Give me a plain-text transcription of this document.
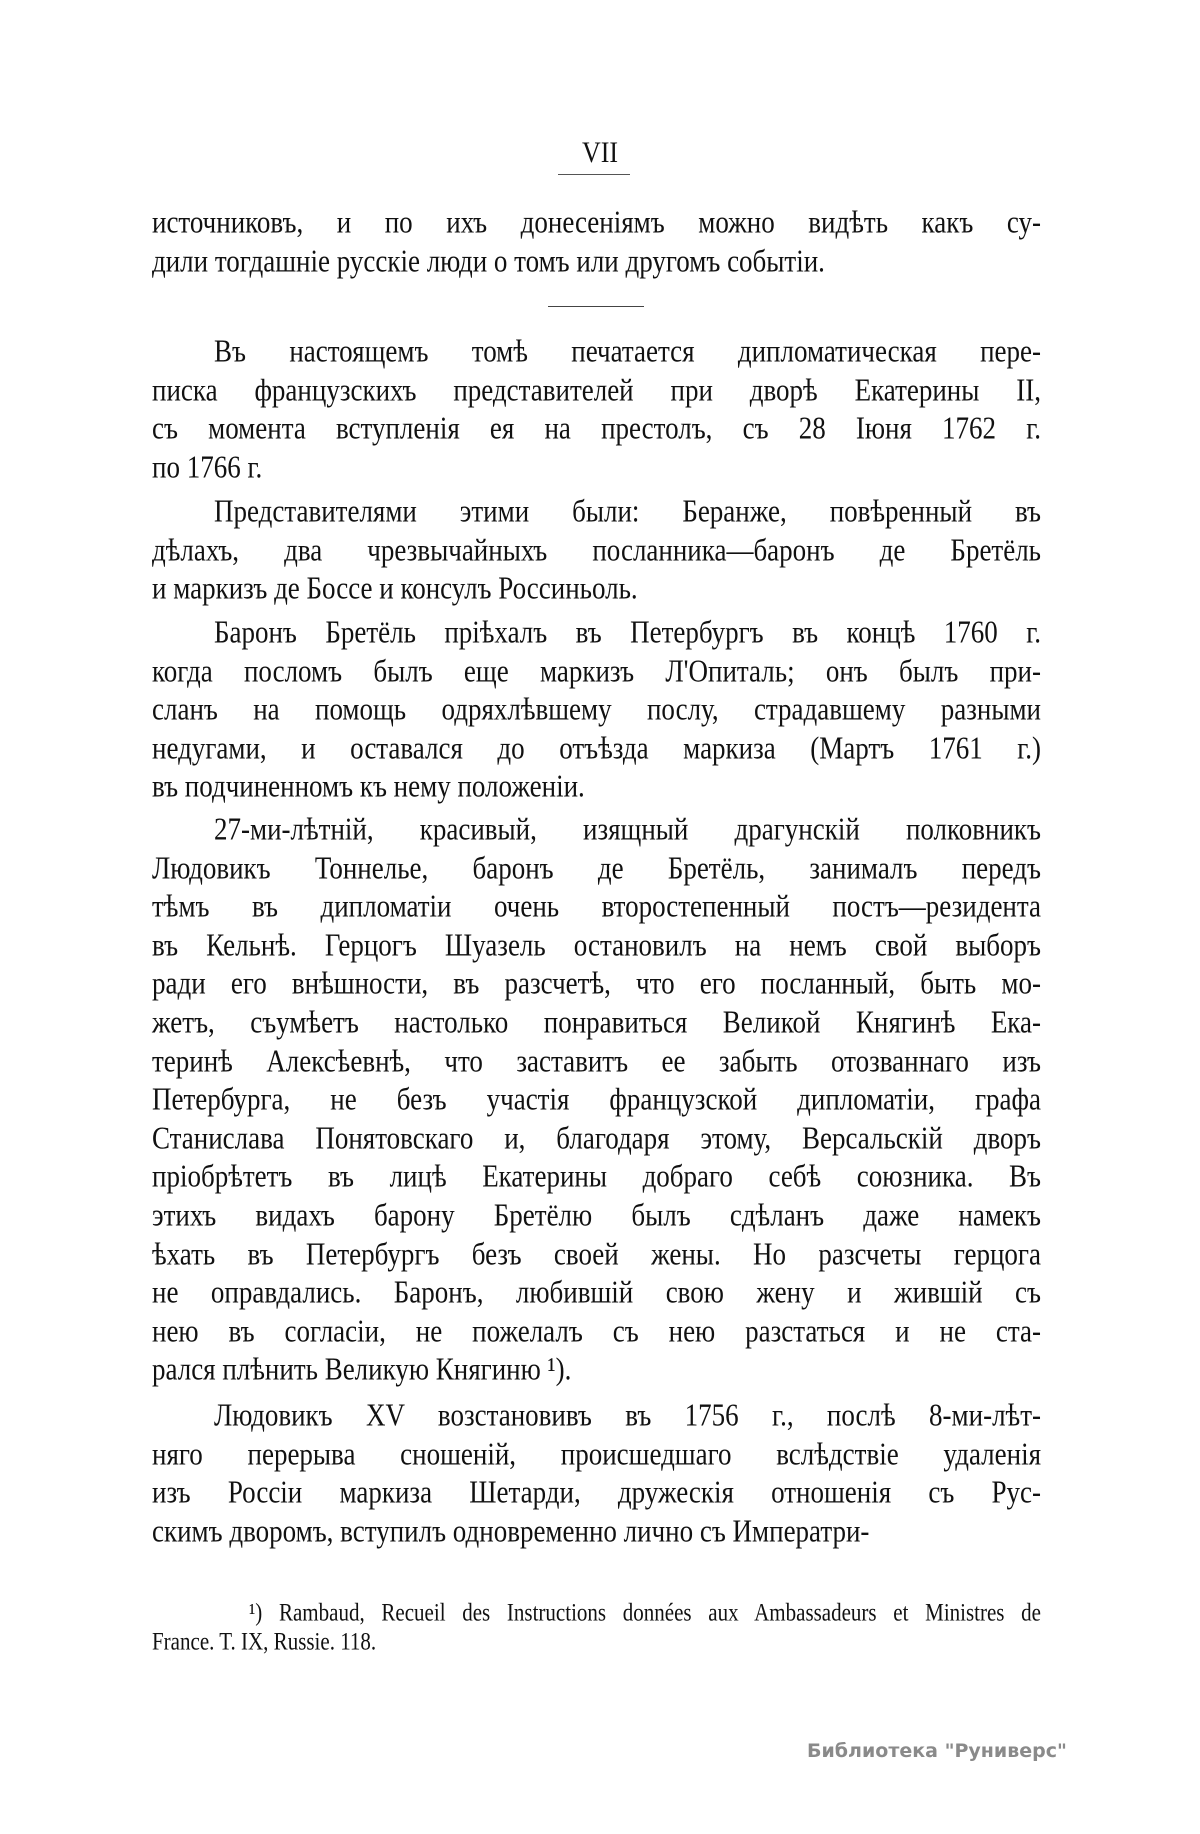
VII
источниковъ, и по ихъ донесеніямъ можно видѣть какъ су-
дили тогдашніе русскіе люди о томъ или другомъ событіи.
Въ настоящемъ томѣ печатается дипломатическая пере-
писка французскихъ представителей при дворѣ Екатерины II,
съ момента вступленія ея на престолъ, съ 28 Іюня 1762 г.
по 1766 г.
Представителями этими были: Беранже, повѣренный въ
дѣлахъ, два чрезвычайныхъ посланника—баронъ де Бретёль
и маркизъ де Боссе и консулъ Россиньоль.
Баронъ Бретёль пріѣхалъ въ Петербургъ въ концѣ 1760 г.
когда посломъ былъ еще маркизъ Л'Опиталь; онъ былъ при-
сланъ на помощь одряхлѣвшему послу, страдавшему разными
недугами, и оставался до отъѣзда маркиза (Мартъ 1761 г.)
въ подчиненномъ къ нему положеніи.
27-ми-лѣтній, красивый, изящный драгунскій полковникъ
Людовикъ Тоннелье, баронъ де Бретёль, занималъ передъ
тѣмъ въ дипломатіи очень второстепенный постъ—резидента
въ Кельнѣ. Герцогъ Шуазель остановилъ на немъ свой выборъ
ради его внѣшности, въ разсчетѣ, что его посланный, быть мо-
жетъ, съумѣетъ настолько понравиться Великой Княгинѣ Ека-
теринѣ Алексѣевнѣ, что заставитъ ее забыть отозваннаго изъ
Петербурга, не безъ участія французской дипломатіи, графа
Станислава Понятовскаго и, благодаря этому, Версальскій дворъ
пріобрѣтетъ въ лицѣ Екатерины добраго себѣ союзника. Въ
этихъ видахъ барону Бретёлю былъ сдѣланъ даже намекъ
ѣхать въ Петербургъ безъ своей жены. Но разсчеты герцога
не оправдались. Баронъ, любившій свою жену и жившій съ
нею въ согласіи, не пожелалъ съ нею разстаться и не ста-
рался плѣнить Великую Княгиню ¹).
Людовикъ XV возстановивъ въ 1756 г., послѣ 8-ми-лѣт-
няго перерыва сношеній, происшедшаго вслѣдствіе удаленія
изъ Россіи маркиза Шетарди, дружескія отношенія съ Рус-
скимъ дворомъ, вступилъ одновременно лично съ Императри-
¹) Rambaud, Recueil des Instructions données aux Ambassadeurs et Ministres de
France. T. IX, Russie. 118.
Библиотека "Руниверс"
